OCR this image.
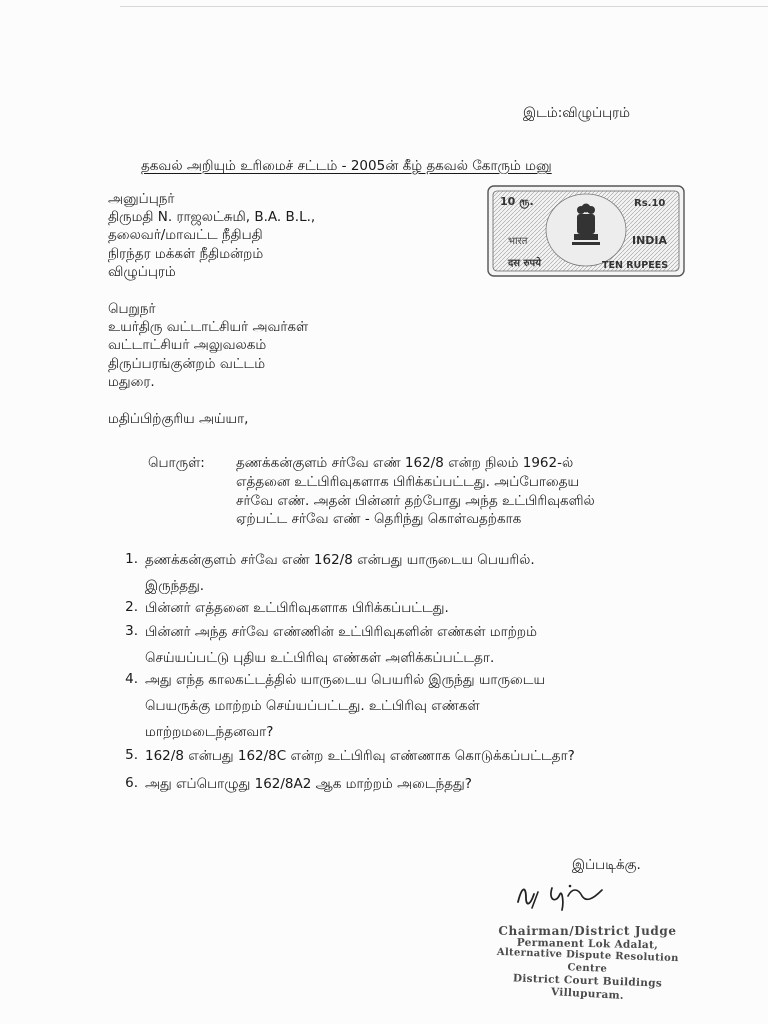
இடம்:விழுப்புரம்
தகவல் அறியும் உரிமைச் சட்டம் - 2005ன் கீழ் தகவல் கோரும் மனு
அனுப்புநர்
திருமதி N. ராஜலட்சுமி, B.A. B.L.,
தலைவர்/மாவட்ட நீதிபதி
நிரந்தர மக்கள் நீதிமன்றம்
விழுப்புரம்
10 ரூ.	Rs.10
भारत	INDIA
दस रुपये	TEN RUPEES
பெறுநர்
உயர்திரு வட்டாட்சியர் அவர்கள்
வட்டாட்சியர் அலுவலகம்
திருப்பரங்குன்றம் வட்டம்
மதுரை.
மதிப்பிற்குரிய அய்யா,
பொருள்: தணக்கன்குளம் சர்வே எண் 162/8 என்ற நிலம் 1962-ல்
எத்தனை உட்பிரிவுகளாக பிரிக்கப்பட்டது. அப்போதைய
சர்வே எண். அதன் பின்னர் தற்போது அந்த உட்பிரிவுகளில்
ஏற்பட்ட சர்வே எண் - தெரிந்து கொள்வதற்காக
1. தணக்கன்குளம் சர்வே எண் 162/8 என்பது யாருடைய பெயரில்.
இருந்தது.
2. பின்னர் எத்தனை உட்பிரிவுகளாக பிரிக்கப்பட்டது.
3. பின்னர் அந்த சர்வே எண்ணின் உட்பிரிவுகளின் எண்கள் மாற்றம்
செய்யப்பட்டு புதிய உட்பிரிவு எண்கள் அளிக்கப்பட்டதா.
4. அது எந்த காலகட்டத்தில் யாருடைய பெயரில் இருந்து யாருடைய
பெயருக்கு மாற்றம் செய்யப்பட்டது. உட்பிரிவு எண்கள்
மாற்றமடைந்தனவா?
5. 162/8 என்பது 162/8C என்ற உட்பிரிவு எண்ணாக கொடுக்கப்பட்டதா?
6. அது எப்பொழுது 162/8A2 ஆக மாற்றம் அடைந்தது?
இப்படிக்கு.
Chairman/District Judge
Permanent Lok Adalat,
Alternative Dispute Resolution Centre
District Court Buildings
Villupuram.
